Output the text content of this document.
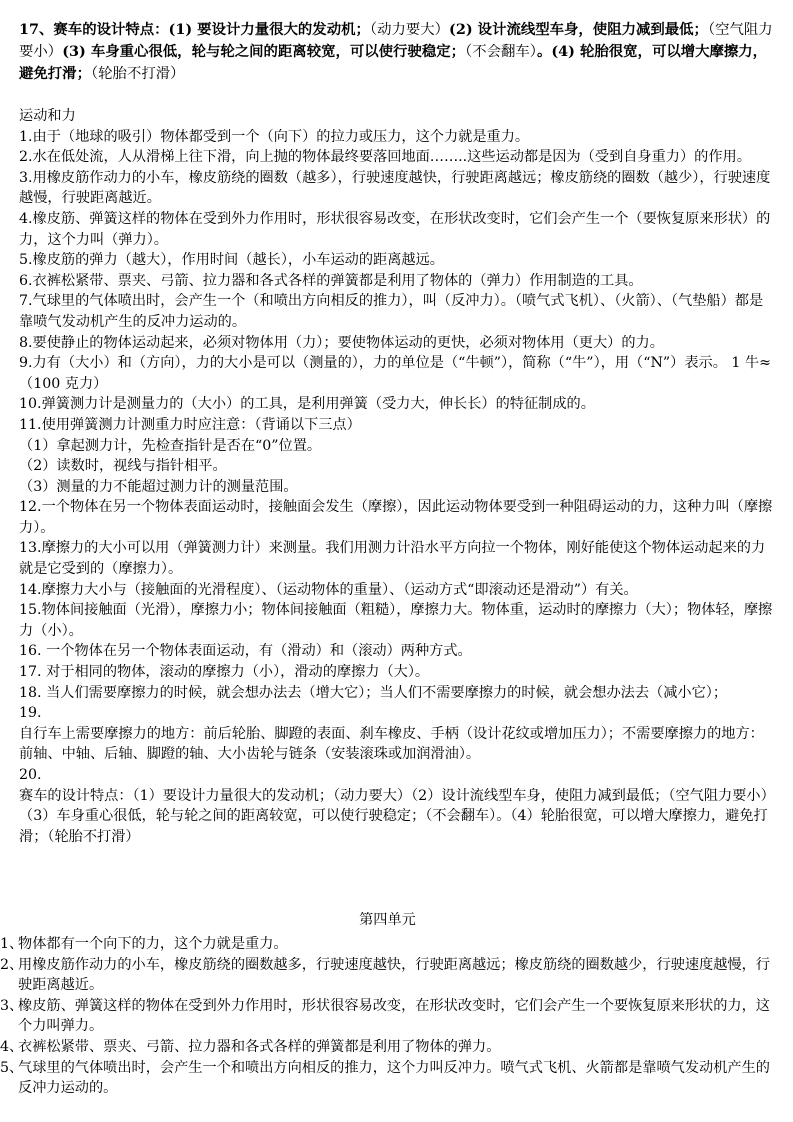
17、赛车的设计特点：(1) 要设计力量很大的发动机；（动力要大）(2) 设计流线型车身，使阻力减到最低；（空气阻力要小）(3) 车身重心很低，轮与轮之间的距离较宽，可以使行驶稳定；（不会翻车）。(4) 轮胎很宽，可以增大摩擦力，避免打滑；（轮胎不打滑）
运动和力
1.由于（地球的吸引）物体都受到一个（向下）的拉力或压力，这个力就是重力。
2.水在低处流，人从滑梯上往下滑，向上抛的物体最终要落回地面……..这些运动都是因为（受到自身重力）的作用。
3.用橡皮筋作动力的小车，橡皮筋绕的圈数（越多），行驶速度越快，行驶距离越远；橡皮筋绕的圈数（越少），行驶速度越慢，行驶距离越近。
4.橡皮筋、弹簧这样的物体在受到外力作用时，形状很容易改变，在形状改变时，它们会产生一个（要恢复原来形状）的力，这个力叫（弹力）。
5.橡皮筋的弹力（越大），作用时间（越长），小车运动的距离越远。
6.衣裤松紧带、票夹、弓箭、拉力器和各式各样的弹簧都是利用了物体的（弹力）作用制造的工具。
7.气球里的气体喷出时，会产生一个（和喷出方向相反的推力），叫（反冲力）。（喷气式飞机）、（火箭）、（气垫船）都是靠喷气发动机产生的反冲力运动的。
8.要使静止的物体运动起来，必须对物体用（力）；要使物体运动的更快，必须对物体用（更大）的力。
9.力有（大小）和（方向），力的大小是可以（测量的），力的单位是（“牛顿”），简称（“牛”），用（“N”）表示。 1 牛≈（100 克力）
10.弹簧测力计是测量力的（大小）的工具，是利用弹簧（受力大，伸长长）的特征制成的。
11.使用弹簧测力计测重力时应注意：（背诵以下三点）
（1）拿起测力计，先检查指针是否在“0”位置。
（2）读数时，视线与指针相平。
（3）测量的力不能超过测力计的测量范围。
12.一个物体在另一个物体表面运动时，接触面会发生（摩擦），因此运动物体要受到一种阻碍运动的力，这种力叫（摩擦力）。
13.摩擦力的大小可以用（弹簧测力计）来测量。我们用测力计沿水平方向拉一个物体，刚好能使这个物体运动起来的力就是它受到的（摩擦力）。
14.摩擦力大小与（接触面的光滑程度）、（运动物体的重量）、（运动方式“即滚动还是滑动”）有关。
15.物体间接触面（光滑），摩擦力小；物体间接触面（粗糙），摩擦力大。物体重，运动时的摩擦力（大）；物体轻，摩擦力（小）。
16. 一个物体在另一个物体表面运动，有（滑动）和（滚动）两种方式。
17. 对于相同的物体，滚动的摩擦力（小），滑动的摩擦力（大）。
18. 当人们需要摩擦力的时候，就会想办法去（增大它）；当人们不需要摩擦力的时候，就会想办法去（减小它）；
19.
自行车上需要摩擦力的地方：前后轮胎、脚蹬的表面、刹车橡皮、手柄（设计花纹或增加压力）；不需要摩擦力的地方：前轴、中轴、后轴、脚蹬的轴、大小齿轮与链条（安装滚珠或加润滑油）。
20.
赛车的设计特点：（1）要设计力量很大的发动机；（动力要大）（2）设计流线型车身，使阻力减到最低；（空气阻力要小）（3）车身重心很低，轮与轮之间的距离较宽，可以使行驶稳定；（不会翻车）。（4）轮胎很宽，可以增大摩擦力，避免打滑；（轮胎不打滑）
第四单元
1、
物体都有一个向下的力，这个力就是重力。
2、
用橡皮筋作动力的小车，橡皮筋绕的圈数越多，行驶速度越快，行驶距离越远；橡皮筋绕的圈数越少，行驶速度越慢，行驶距离越近。
3、
橡皮筋、弹簧这样的物体在受到外力作用时，形状很容易改变，在形状改变时，它们会产生一个要恢复原来形状的力，这个力叫弹力。
4、
衣裤松紧带、票夹、弓箭、拉力器和各式各样的弹簧都是利用了物体的弹力。
5、
气球里的气体喷出时，会产生一个和喷出方向相反的推力，这个力叫反冲力。喷气式飞机、火箭都是靠喷气发动机产生的反冲力运动的。
